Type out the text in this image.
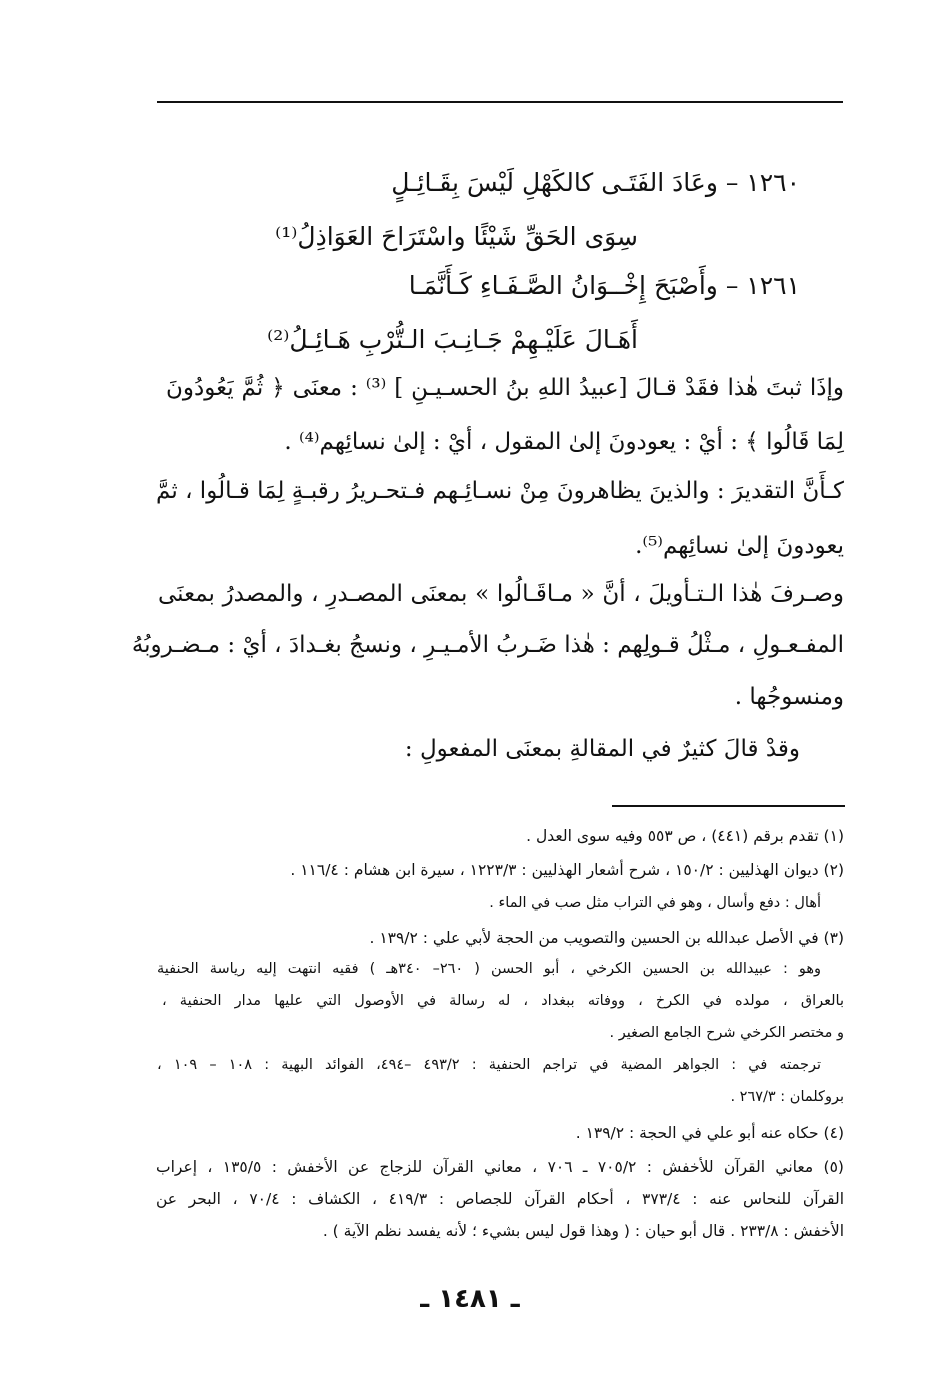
١٢٦٠ – وعَادَ الفَتَـى كالكَهْلِ لَيْسَ بِقَـائِـلٍ
سِوَى الحَقِّ شَيْئًا واسْتَرَاحَ العَوَاذِلُ⁽¹⁾
١٢٦١ – وأَصْبَحَ إِخْــوَانُ الصَّـفَـاءِ كَـأَنَّمَـا
أَهَـالَ عَلَيْـهِمْ جَـانِـبَ الـتُّرْبِ هَـائِـلُ⁽²⁾
وإذَا ثبتَ هٰذا فقَدْ قـالَ [عبيدُ اللهِ بنُ الحسـيـنِ ] ⁽³⁾ : معنَى ﴿ ثُمَّ يَعُودُونَ
لِمَا قَالُوا ﴾ : أيْ : يعودونَ إلىٰ المقول ، أيْ : إلىٰ نسائِهم⁽⁴⁾ .
كـأَنَّ التقديرَ : والذينَ يظاهرونَ مِنْ نسـائِـهم فـتحـريرُ رقبـةٍ لِمَا قـالُوا ، ثمَّ
يعودونَ إلىٰ نسائِهم⁽⁵⁾.
وصـرفَ هٰذا الـتـأويلَ ، أنَّ « مـاقَـالُوا » بمعنَى المصـدرِ ، والمصدرُ بمعنَى
المفـعـولِ ، مـثْلُ قـولِهم : هٰذا ضَـربُ الأمـيـرِ ، ونسجُ بغـدادَ ، أيْ : مـضـروبُهُ
ومنسوجُها .
وقدْ قالَ كثيرٌ في المقالةِ بمعنَى المفعولِ :
(١) تقدم برقم (٤٤١) ، ص ٥٥٣ وفيه سوى العدل .
(٢) ديوان الهذليين : ١٥٠/٢ ، شرح أشعار الهذليين : ١٢٢٣/٣ ، سيرة ابن هشام : ١١٦/٤ .
أهال : دفع وأسال ، وهو في التراب مثل صب في الماء .
(٣) في الأصل عبدالله بن الحسين والتصويب من الحجة لأبي علي : ١٣٩/٢ .
وهو : عبيدالله بن الحسين الكرخي ، أبو الحسن ( ٢٦٠– ٣٤٠هـ ) فقيه انتهت إليه رياسة الحنفية
بالعراق ، مولده في الكرخ ، ووفاته ببغداد ، له رسالة في الأوصول التي عليها مدار الحنفية ،
و مختصر الكرخي شرح الجامع الصغير .
ترجمته في : الجواهر المضية في تراجم الحنفية : ٤٩٣/٢ –٤٩٤، الفوائد البهية : ١٠٨ – ١٠٩ ،
بروكلمان : ٢٦٧/٣ .
(٤) حكاه عنه أبو علي في الحجة : ١٣٩/٢ .
(٥) معاني القرآن للأخفش : ٧٠٥/٢ ـ ٧٠٦ ، معاني القرآن للزجاج عن الأخفش : ١٣٥/٥ ، إعراب
القرآن للنحاس عنه : ٣٧٣/٤ ، أحكام القرآن للجصاص : ٤١٩/٣ ، الكشاف : ٧٠/٤ ، البحر عن
الأخفش : ٢٣٣/٨ . قال أبو حيان : ( وهذا قول ليس بشيء ؛ لأنه يفسد نظم الآية ) .
ـ ١٤٨١ ـ
